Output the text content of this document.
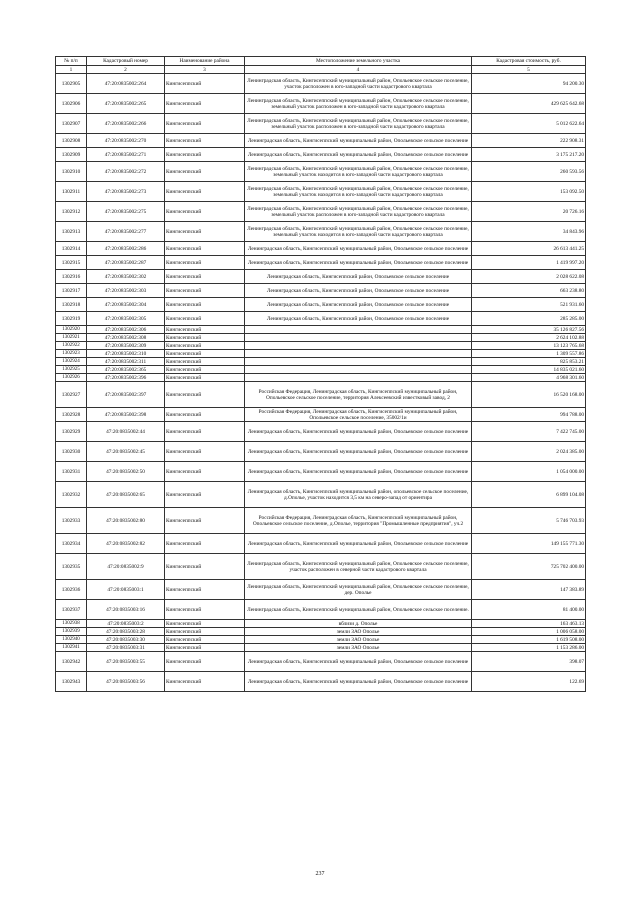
№ п/п	Кадастровый номер	Наименование района	Местоположение земельного участка	Кадастровая стоимость, руб.
1	2	3	4	5
1302905	47:20:0835002:264	Кингисеппский	Ленинградская область, Кингисеппский муниципальный район, Опольевское сельское поселение, участок расположен в юго-западной части кадастрового квартала	94 200.30
1302906	47:20:0835002:265	Кингисеппский	Ленинградская область, Кингисеппский муниципальный район, Опольевское сельское поселение, земельный участок расположен в юго-западной части кадастрового квартала	429 625 642.68
1302907	47:20:0835002:266	Кингисеппский	Ленинградская область, Кингисеппский муниципальный район, Опольевское сельское поселение, земельный участок расположен в юго-западной части кадастрового квартала	5 012 622.64
1302908	47:20:0835002:270	Кингисеппский	Ленинградская область, Кингисеппский муниципальный район, Опольевское сельское поселение	222 908.31
1302909	47:20:0835002:271	Кингисеппский	Ленинградская область, Кингисеппский муниципальный район, Опольевское сельское поселение	3 175 217.20
1302910	47:20:0835002:272	Кингисеппский	Ленинградская область, Кингисеппский муниципальный район, Опольевское сельское поселение, земельный участок находится в юго-западной части кадастрового квартала	260 593.56
1302911	47:20:0835002:273	Кингисеппский	Ленинградская область, Кингисеппский муниципальный район, Опольевское сельское поселение, земельный участок находится в юго-западной части кадастрового квартала	153 092.50
1302912	47:20:0835002:275	Кингисеппский	Ленинградская область, Кингисеппский муниципальный район, Опольевское сельское поселение, земельный участок расположен в юго-западной части кадастрового квартала	20 726.16
1302913	47:20:0835002:277	Кингисеппский	Ленинградская область, Кингисеппский муниципальный район, Опольевское сельское поселение, земельный участок находится в юго-западной части кадастрового квартала	34 843.96
1302914	47:20:0835002:286	Кингисеппский	Ленинградская область, Кингисеппский муниципальный район, Опольевское сельское поселение	26 613 441.25
1302915	47:20:0835002:287	Кингисеппский	Ленинградская область, Кингисеппский муниципальный район, Опольевское сельское поселение	1 419 997.20
1302916	47:20:0835002:302	Кингисеппский	Ленинградская область, Кингисеппский район, Опольевское сельское поселение	2 028 622.08
1302917	47:20:0835002:303	Кингисеппский	Ленинградская область, Кингисеппский район, Опольевское сельское поселение	663 238.80
1302918	47:20:0835002:304	Кингисеппский	Ленинградская область, Кингисеппский район, Опольевское сельское поселение	521 931.60
1302919	47:20:0835002:305	Кингисеппский	Ленинградская область, Кингисеппский район, Опольевское сельское поселение	285 285.00
1302920	47:20:0835002:306	Кингисеппский		35 126 827.56
1302921	47:20:0835002:308	Кингисеппский		2 624 102.88
1302922	47:20:0835002:309	Кингисеппский		13 123 765.68
1302923	47:20:0835002:310	Кингисеппский		1 309 557.86
1302924	47:20:0835002:311	Кингисеппский		825 853.21
1302925	47:20:0835002:365	Кингисеппский		14 835 021.60
1302926	47:20:0835002:396	Кингисеппский		4 968 301.60
1302927	47:20:0835002:397	Кингисеппский	Российская Федерация, Ленинградская область, Кингисеппский муниципальный район, Опольевское сельское поселение, территория Алексеевский известковый завод, 2	16 520 168.00
1302928	47:20:0835002:398	Кингисеппский	Российская Федерация, Ленинградская область, Кингисеппский муниципальный район, Опольевское сельское поселение, 35002/1и	994 788.00
1302929	47:20:0835002:44	Кингисеппский	Ленинградская область, Кингисеппский муниципальный район, Опольевское сельское поселение	7 422 745.00
1302930	47:20:0835002:45	Кингисеппский	Ленинградская область, Кингисеппский муниципальный район, Опольевское сельское поселение	2 024 385.00
1302931	47:20:0835002:50	Кингисеппский	Ленинградская область, Кингисеппский муниципальный район, Опольевское сельское поселение	1 054 000.00
1302932	47:20:0835002:65	Кингисеппский	Ленинградская область, Кингисеппский муниципальный район, опольевское сельское поселение, д.Ополье, участок находится 3,5 км на северо-запад от ориентира	6 899 104.08
1302933	47:20:0835002:80	Кингисеппский	Российская Федерация, Ленинградская область, Кингисеппский муниципальный район, Опольевское сельское поселение, д.Ополье, территория "Промышленные предприятия", уч.2	5 746 703.93
1302934	47:20:0835002:82	Кингисеппский	Ленинградская область, Кингисеппский муниципальный район, Опольевское сельское поселение	149 155 771.30
1302935	47:20:0835002:9	Кингисеппский	Ленинградская область, Кингисеппский муниципальный район, Опольевское сельское поселение, участок расположен в северной части кадастрового квартала	725 702 400.00
1302936	47:20:0835003:1	Кингисеппский	Ленинградская область, Кингисеппский муниципальный район, Опольевское сельское поселение, дер. Ополье	147 383.89
1302937	47:20:0835003:16	Кингисеппский	Ленинградская область, Кингисеппский муниципальный район, Опольевское сельское поселение.	81 400.00
1302938	47:20:0835003:2	Кингисеппский	вблизи д. Ополье	163 463.13
1302939	47:20:0835003:28	Кингисеппский	земли ЗАО Ополье	1 006 058.00
1302940	47:20:0835003:30	Кингисеппский	земли ЗАО Ополье	1 619 508.00
1302941	47:20:0835003:31	Кингисеппский	земли ЗАО Ополье	1 153 286.00
1302942	47:20:0835003:55	Кингисеппский	Ленинградская область, Кингисеппский муниципальный район, Опольевское сельское поселение	398.07
1302943	47:20:0835003:56	Кингисеппский	Ленинградская область, Кингисеппский муниципальный район, Опольевское сельское поселение	122.69
237
